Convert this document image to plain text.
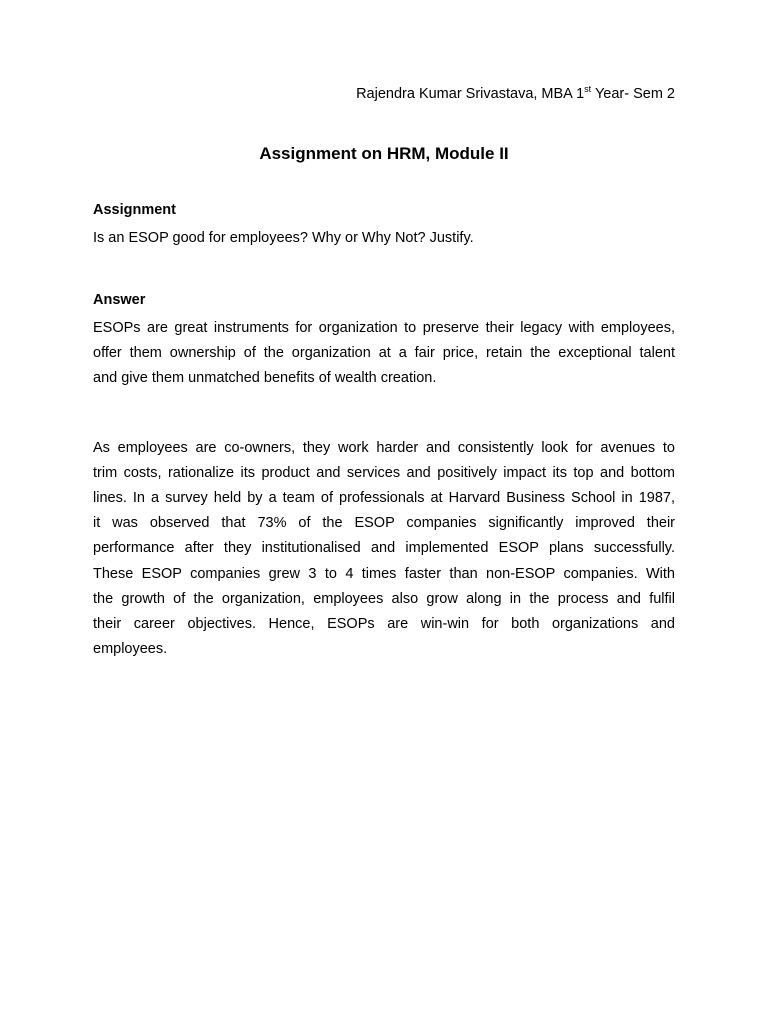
Rajendra Kumar Srivastava, MBA 1st Year- Sem 2
Assignment on HRM, Module II
Assignment
Is an ESOP good for employees? Why or Why Not? Justify.
Answer
ESOPs are great instruments for organization to preserve their legacy with employees,
offer them ownership of the organization at a fair price, retain the exceptional talent
and give them unmatched benefits of wealth creation.
As employees are co-owners, they work harder and consistently look for avenues to
trim costs, rationalize its product and services and positively impact its top and bottom
lines. In a survey held by a team of professionals at Harvard Business School in 1987,
it was observed that 73% of the ESOP companies significantly improved their
performance after they institutionalised and implemented ESOP plans successfully.
These ESOP companies grew 3 to 4 times faster than non-ESOP companies. With
the growth of the organization, employees also grow along in the process and fulfil
their career objectives. Hence, ESOPs are win-win for both organizations and
employees.
